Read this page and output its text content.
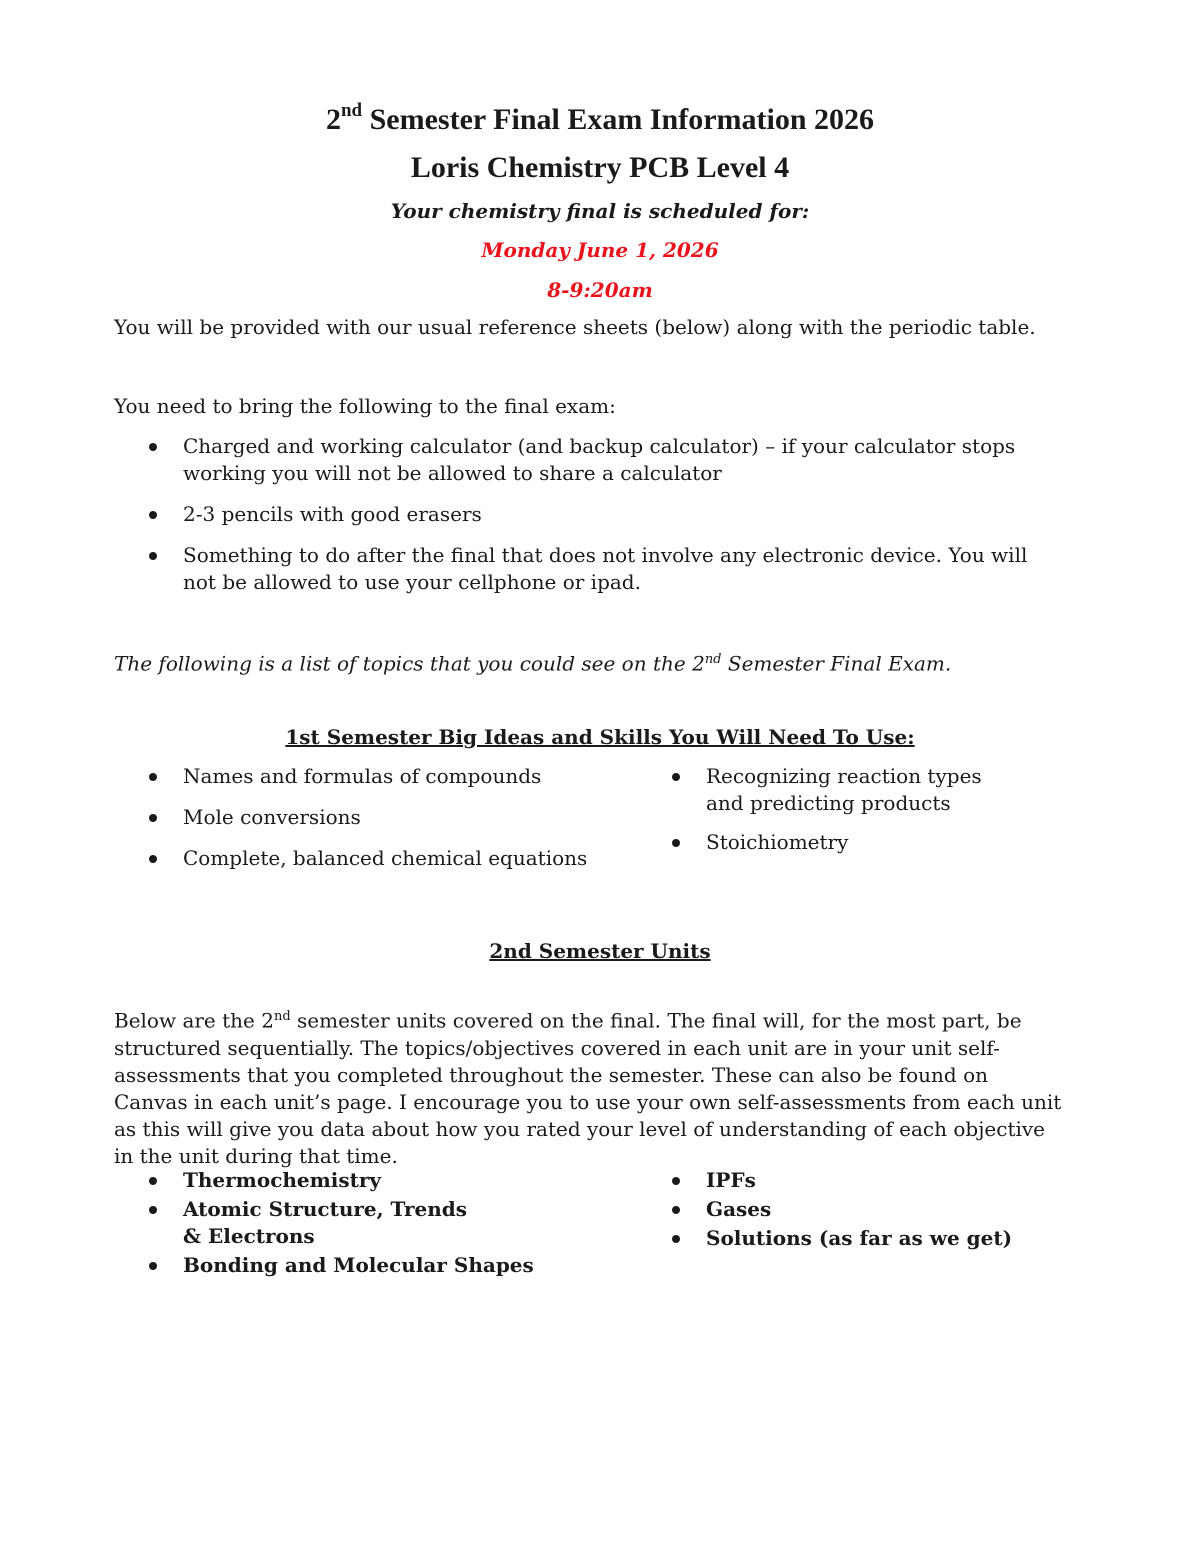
2nd Semester Final Exam Information 2026
Loris Chemistry PCB Level 4
Your chemistry final is scheduled for:
Monday June 1, 2026
8-9:20am
You will be provided with our usual reference sheets (below) along with the periodic table.
You need to bring the following to the final exam:
Charged and working calculator (and backup calculator) – if your calculator stops working you will not be allowed to share a calculator
2-3 pencils with good erasers
Something to do after the final that does not involve any electronic device. You will not be allowed to use your cellphone or ipad.
The following is a list of topics that you could see on the 2nd Semester Final Exam.
1st Semester Big Ideas and Skills You Will Need To Use:
Names and formulas of compounds
Mole conversions
Complete, balanced chemical equations
Recognizing reaction types and predicting products
Stoichiometry
2nd Semester Units
Below are the 2nd semester units covered on the final. The final will, for the most part, be structured sequentially. The topics/objectives covered in each unit are in your unit self-assessments that you completed throughout the semester. These can also be found on Canvas in each unit’s page. I encourage you to use your own self-assessments from each unit as this will give you data about how you rated your level of understanding of each objective in the unit during that time.
Thermochemistry
Atomic Structure, Trends & Electrons
Bonding and Molecular Shapes
IPFs
Gases
Solutions (as far as we get)
